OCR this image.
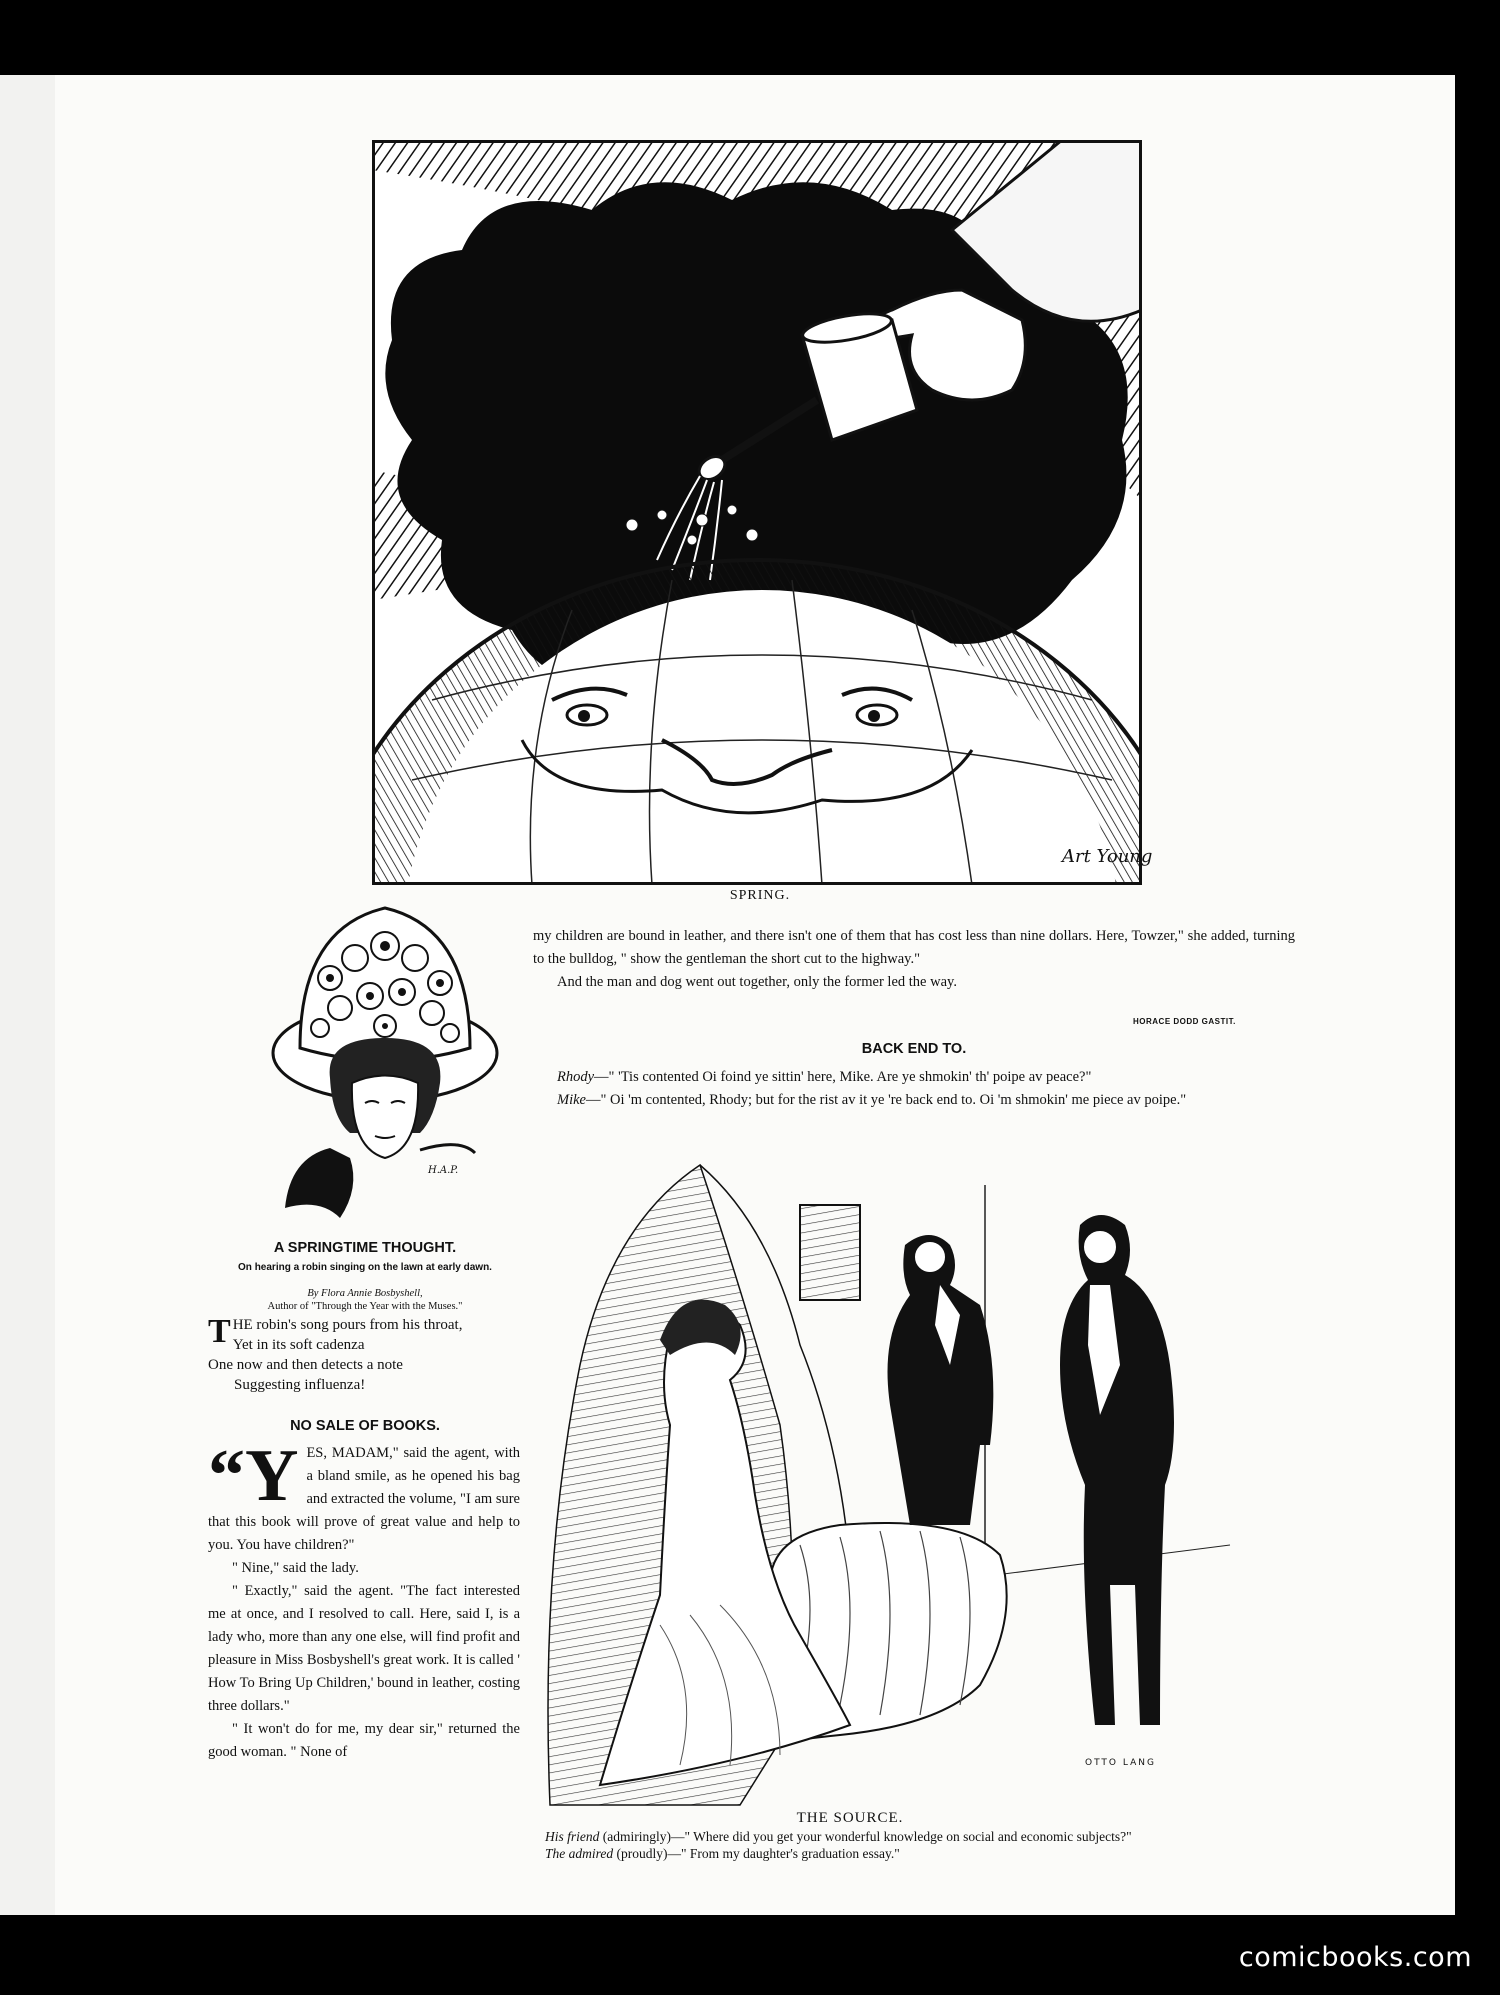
Art Young
SPRING.
H.A.P.
A SPRINGTIME THOUGHT.
On hearing a robin singing on the lawn at early dawn.
By Flora Annie Bosbyshell,
Author of "Through the Year with the Muses."
T HE robin's song pours from his throat,
Yet in its soft cadenza
One now and then detects a note
Suggesting influenza!
NO SALE OF BOOKS.

“YES, MADAM," said the agent, with a bland smile, as he opened his bag and extracted the volume, "I am sure that this book will prove of great value and help to you. You have children?"

" Nine," said the lady.

" Exactly," said the agent. "The fact interested me at once, and I resolved to call. Here, said I, is a lady who, more than any one else, will find profit and pleasure in Miss Bosbyshell's great work. It is called ' How To Bring Up Children,' bound in leather, costing three dollars."

" It won't do for me, my dear sir," returned the good woman. " None of

my children are bound in leather, and there isn't one of them that has cost less than nine dollars. Here, Towzer," she added, turning to the bulldog, " show the gentleman the short cut to the highway."

And the man and dog went out together, only the former led the way.

HORACE DODD GASTIT.
BACK END TO.

Rhody—" 'Tis contented Oi foind ye sittin' here, Mike. Are ye shmokin' th' poipe av peace?"

Mike—" Oi 'm contented, Rhody; but for the rist av it ye 're back end to. Oi 'm shmokin' me piece av poipe."

OTTO LANG
THE SOURCE.
His friend (admiringly)—" Where did you get your wonderful knowledge on social and economic subjects?"
The admired (proudly)—" From my daughter's graduation essay."
comicbooks.com
